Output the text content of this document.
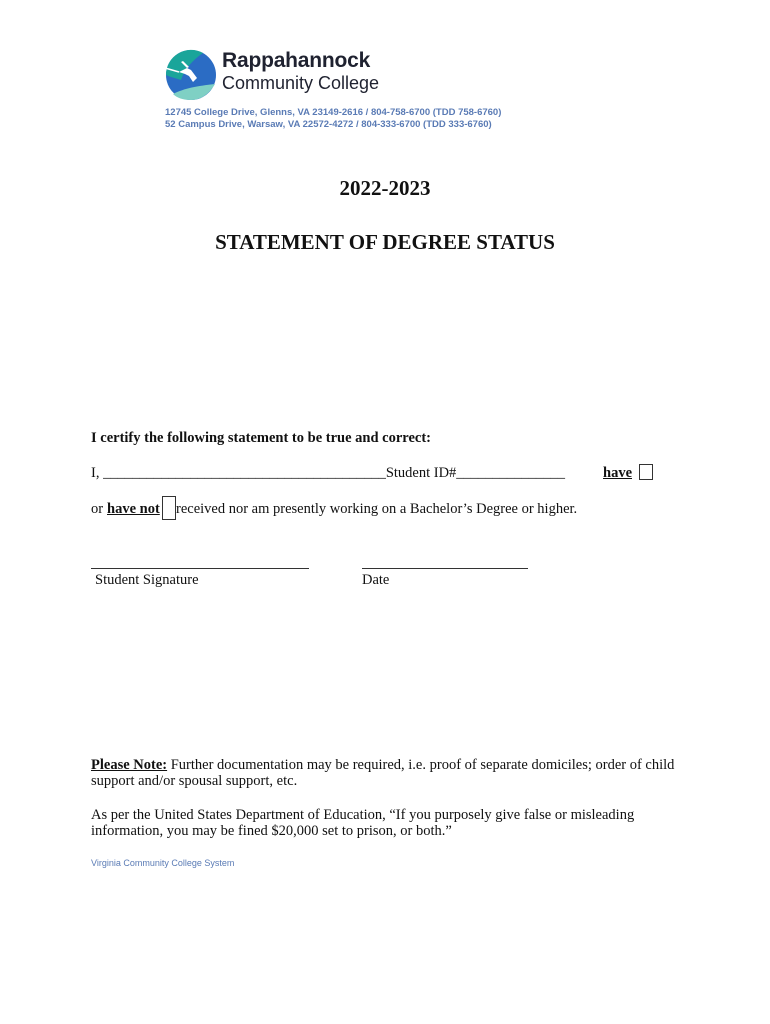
Rappahannock
Community College
12745 College Drive, Glenns, VA 23149-2616 / 804-758-6700 (TDD 758-6760)
52 Campus Drive, Warsaw, VA 22572-4272 / 804-333-6700 (TDD 333-6760)
2022-2023
STATEMENT OF DEGREE STATUS
I certify the following statement to be true and correct:
I, _______________________________________Student ID#_______________	have
or have not received nor am presently working on a Bachelor’s Degree or higher.
Student Signature	Date
Please Note: Further documentation may be required, i.e. proof of separate domiciles; order of child
support and/or spousal support, etc.
As per the United States Department of Education, “If you purposely give false or misleading
information, you may be fined $20,000 set to prison, or both.”
Virginia Community College System
